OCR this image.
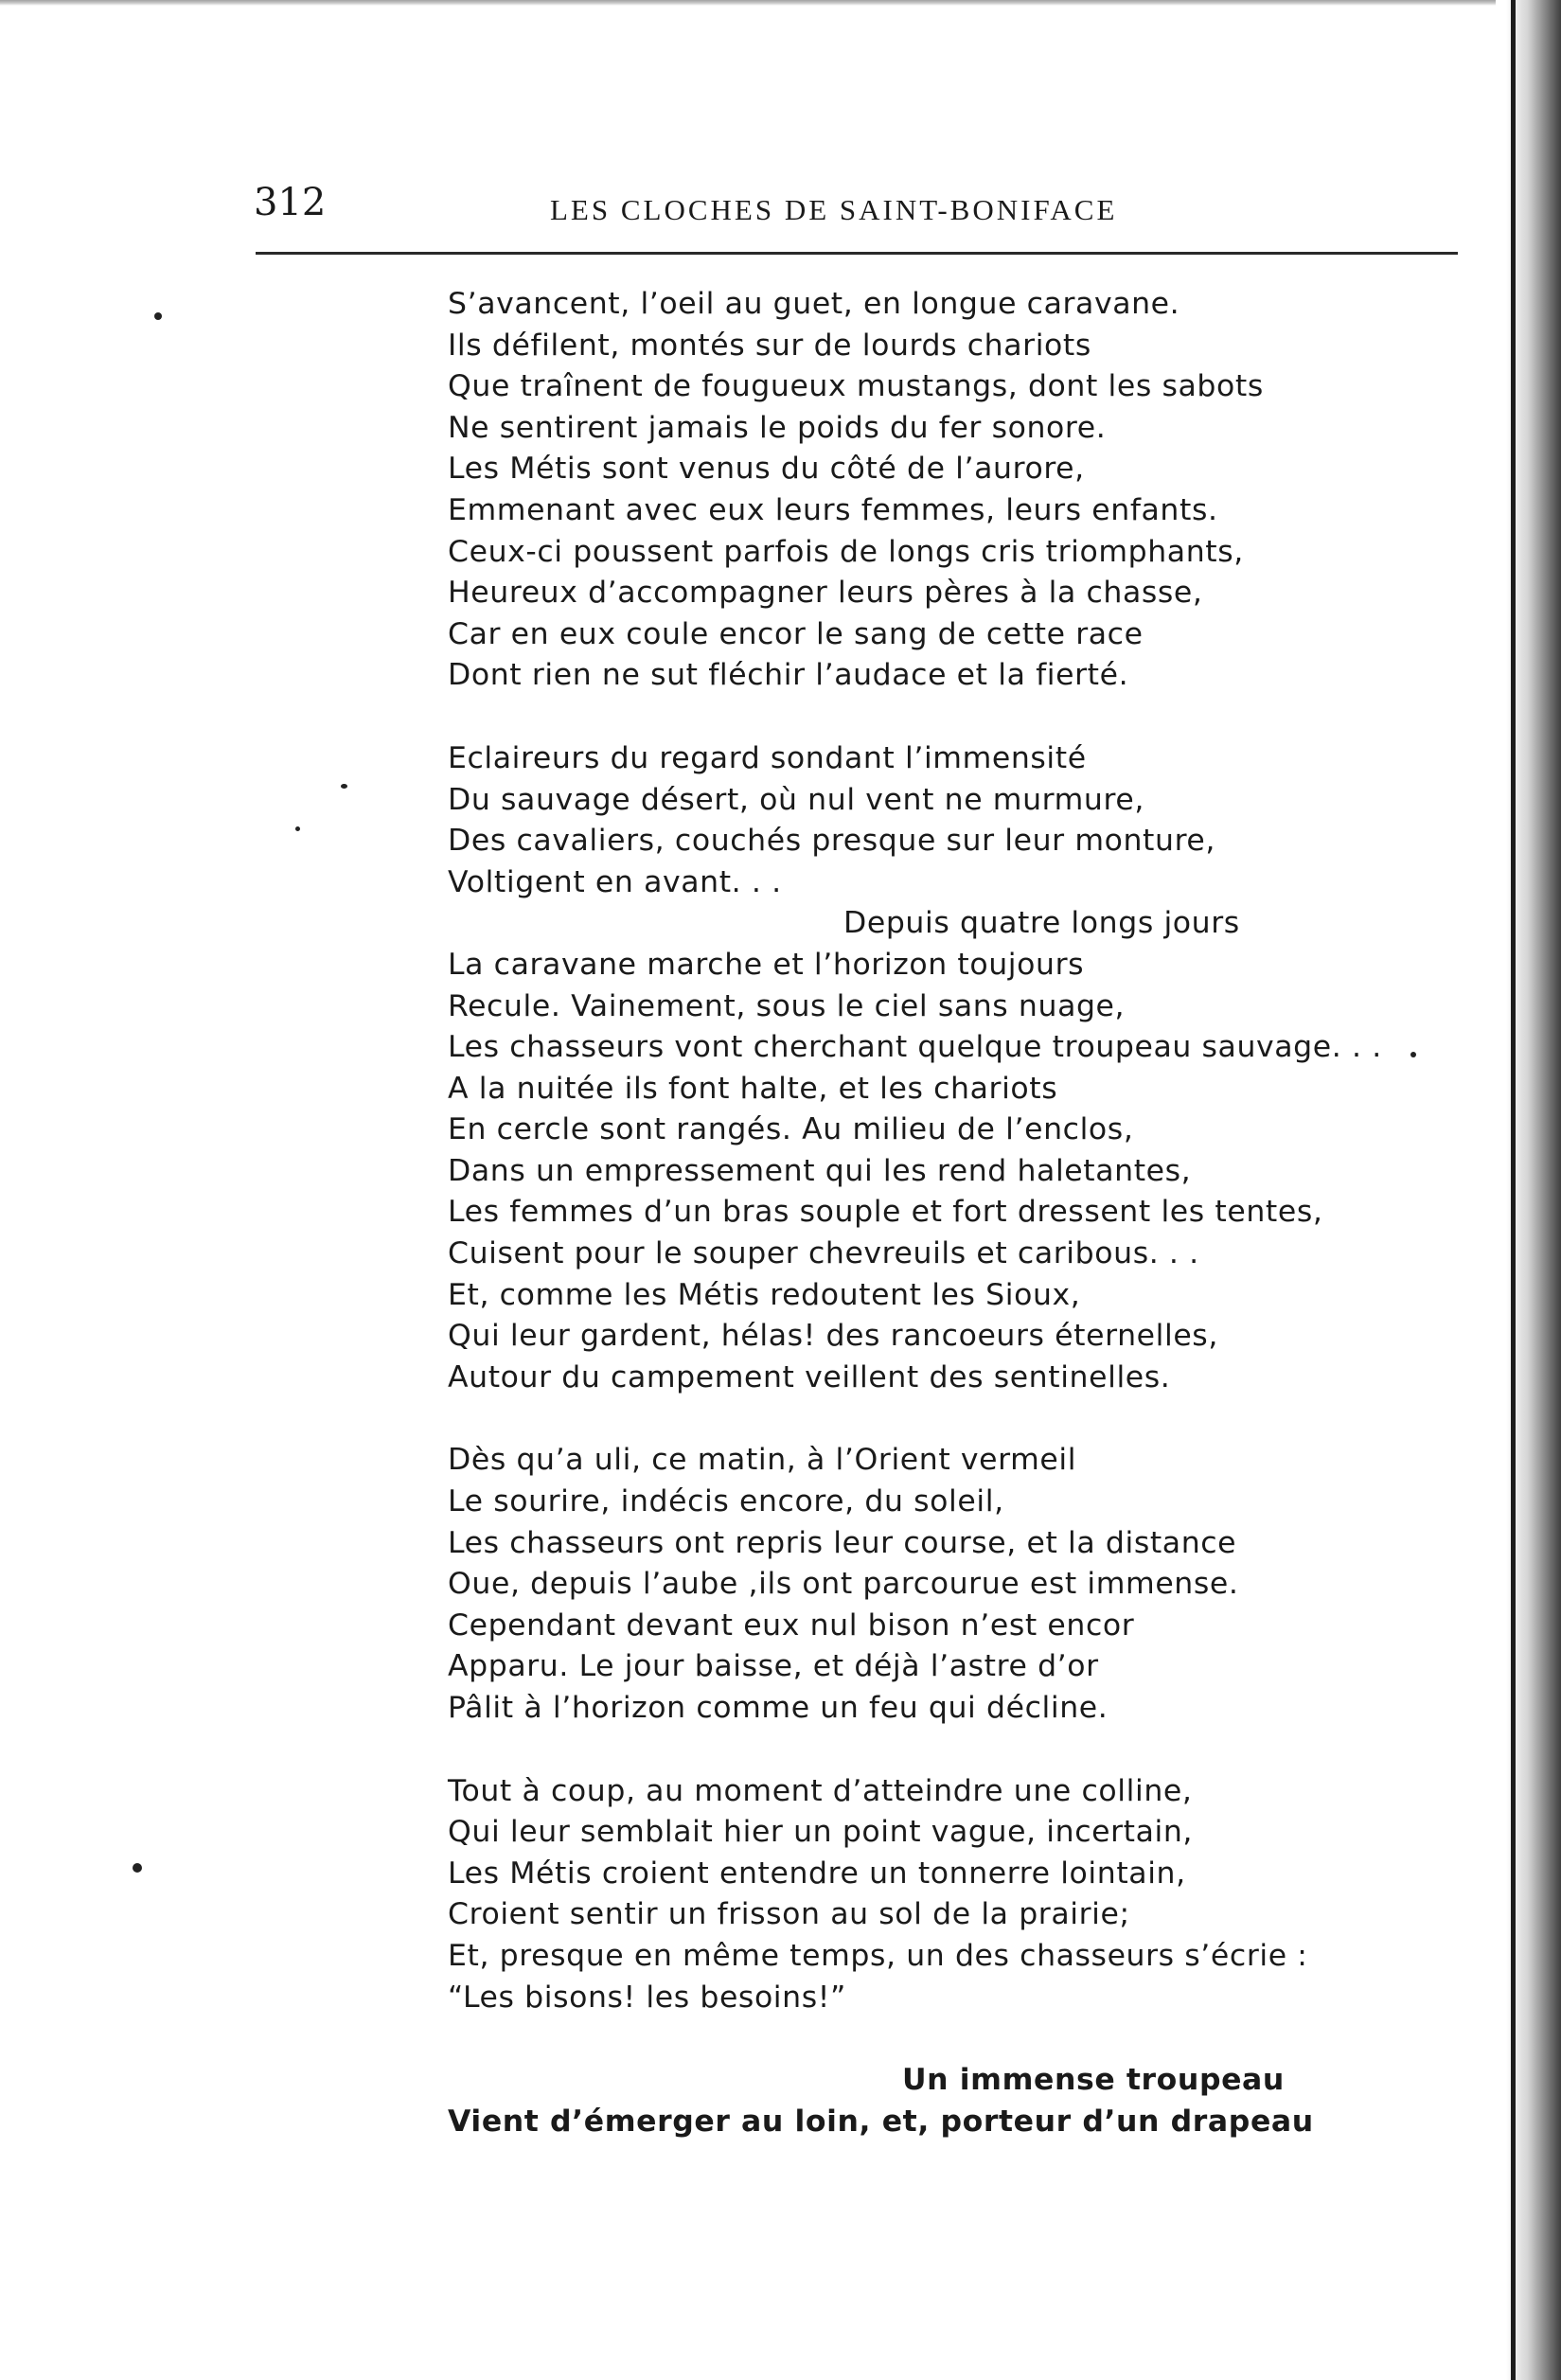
312	LES CLOCHES DE SAINT-BONIFACE
S’avancent, l’oeil au guet, en longue caravane.
Ils défilent, montés sur de lourds chariots
Que traînent de fougueux mustangs, dont les sabots
Ne sentirent jamais le poids du fer sonore.
Les Métis sont venus du côté de l’aurore,
Emmenant avec eux leurs femmes, leurs enfants.
Ceux-ci poussent parfois de longs cris triomphants,
Heureux d’accompagner leurs pères à la chasse,
Car en eux coule encor le sang de cette race
Dont rien ne sut fléchir l’audace et la fierté.
Eclaireurs du regard sondant l’immensité
Du sauvage désert, où nul vent ne murmure,
Des cavaliers, couchés presque sur leur monture,
Voltigent en avant. . .
Depuis quatre longs jours
La caravane marche et l’horizon toujours
Recule. Vainement, sous le ciel sans nuage,
Les chasseurs vont cherchant quelque troupeau sauvage. . .
A la nuitée ils font halte, et les chariots
En cercle sont rangés. Au milieu de l’enclos,
Dans un empressement qui les rend haletantes,
Les femmes d’un bras souple et fort dressent les tentes,
Cuisent pour le souper chevreuils et caribous. . .
Et, comme les Métis redoutent les Sioux,
Qui leur gardent, hélas! des rancoeurs éternelles,
Autour du campement veillent des sentinelles.
Dès qu’a uli, ce matin, à l’Orient vermeil
Le sourire, indécis encore, du soleil,
Les chasseurs ont repris leur course, et la distance
Oue, depuis l’aube ,ils ont parcourue est immense.
Cependant devant eux nul bison n’est encor
Apparu. Le jour baisse, et déjà l’astre d’or
Pâlit à l’horizon comme un feu qui décline.
Tout à coup, au moment d’atteindre une colline,
Qui leur semblait hier un point vague, incertain,
Les Métis croient entendre un tonnerre lointain,
Croient sentir un frisson au sol de la prairie;
Et, presque en même temps, un des chasseurs s’écrie :
“Les bisons! les besoins!”
Un immense troupeau
Vient d’émerger au loin, et, porteur d’un drapeau
